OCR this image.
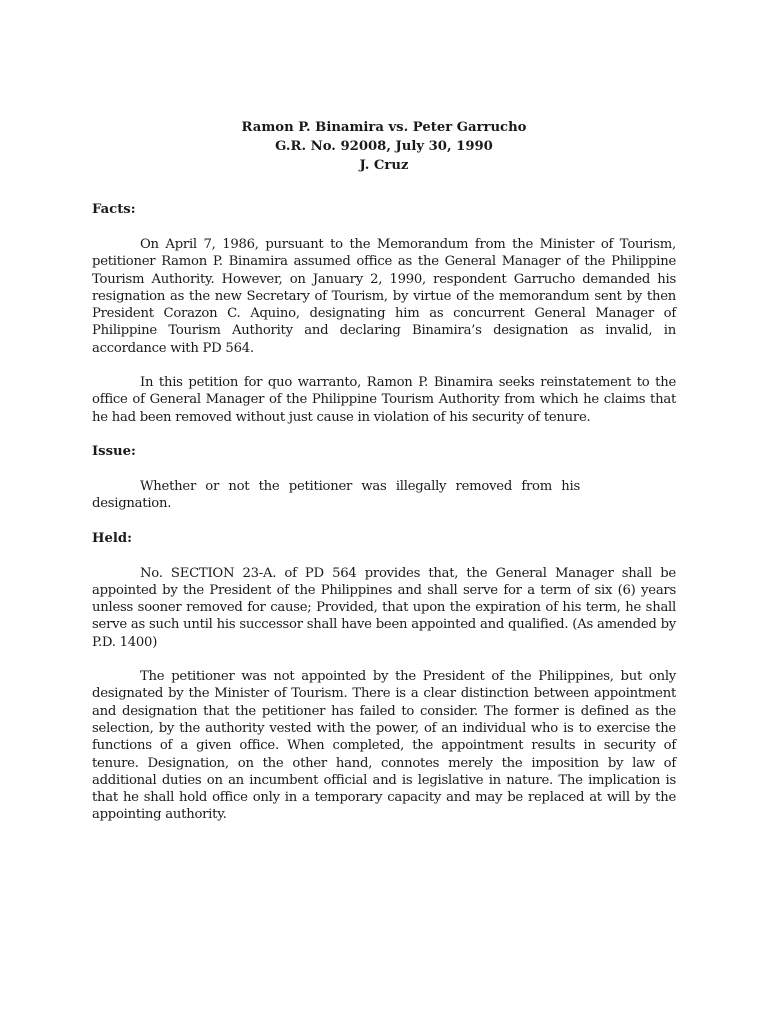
Ramon P. Binamira vs. Peter Garrucho
G.R. No. 92008, July 30, 1990
J. Cruz
Facts:

On April 7, 1986, pursuant to the Memorandum from the Minister of Tourism, petitioner Ramon P. Binamira assumed office as the General Manager of the Philippine Tourism Authority. However, on January 2, 1990, respondent Garrucho demanded his resignation as the new Secretary of Tourism, by virtue of the memorandum sent by then President Corazon C. Aquino, designating him as concurrent General Manager of Philippine Tourism Authority and declaring Binamira’s designation as invalid, in accordance with PD 564.

In this petition for quo warranto, Ramon P. Binamira seeks reinstatement to the office of General Manager of the Philippine Tourism Authority from which he claims that he had been removed without just cause in violation of his security of tenure.

Issue:

Whether or not the petitioner was illegally removed from his designation.

Held:

No. SECTION 23-A. of PD 564 provides that, the General Manager shall be appointed by the President of the Philippines and shall serve for a term of six (6) years unless sooner removed for cause; Provided, that upon the expiration of his term, he shall serve as such until his successor shall have been appointed and qualified. (As amended by P.D. 1400)

The petitioner was not appointed by the President of the Philippines, but only designated by the Minister of Tourism. There is a clear distinction between appointment and designation that the petitioner has failed to consider. The former is defined as the selection, by the authority vested with the power, of an individual who is to exercise the functions of a given office. When completed, the appointment results in security of tenure. Designation, on the other hand, connotes merely the imposition by law of additional duties on an incumbent official and is legislative in nature. The implication is that he shall hold office only in a temporary capacity and may be replaced at will by the appointing authority.
